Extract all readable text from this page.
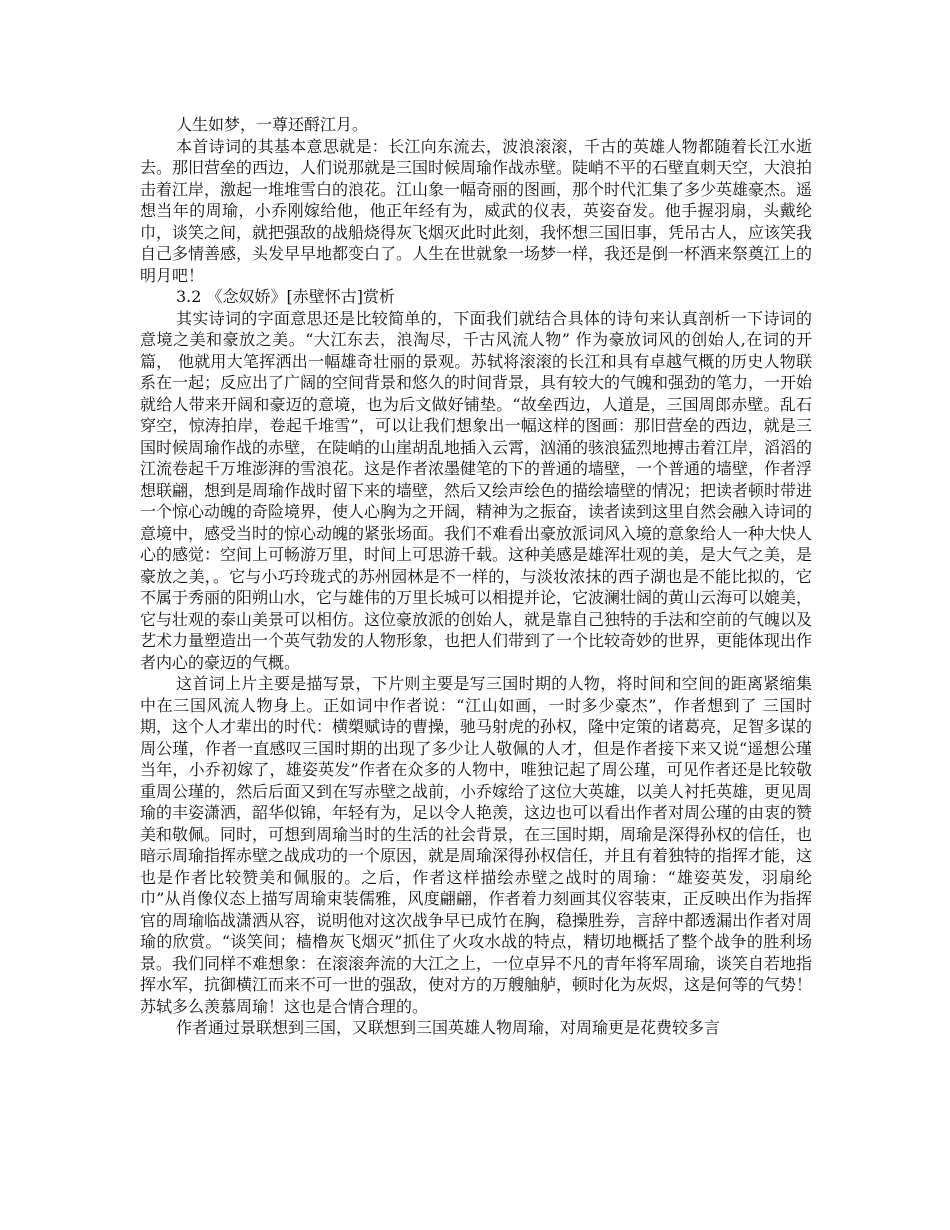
人生如梦，一尊还酹江月。

本首诗词的其基本意思就是：长江向东流去，波浪滚滚，千古的英雄人物都随着长江水逝去。那旧营垒的西边，人们说那就是三国时候周瑜作战赤壁。陡峭不平的石壁直刺天空，大浪拍击着江岸，激起一堆堆雪白的浪花。江山象一幅奇丽的图画，那个时代汇集了多少英雄豪杰。遥想当年的周瑜，小乔刚嫁给他，他正年经有为，威武的仪表，英姿奋发。他手握羽扇，头戴纶巾，谈笑之间，就把强敌的战船烧得灰飞烟灭此时此刻，我怀想三国旧事，凭吊古人，应该笑我自己多情善感，头发早早地都变白了。人生在世就象一场梦一样，我还是倒一杯酒来祭奠江上的明月吧！

3.2 《念奴娇》[赤壁怀古]赏析

其实诗词的字面意思还是比较简单的，下面我们就结合具体的诗句来认真剖析一下诗词的意境之美和豪放之美。“大江东去，浪淘尽，千古风流人物” 作为豪放词风的创始人,在词的开篇， 他就用大笔挥洒出一幅雄奇壮丽的景观。苏轼将滚滚的长江和具有卓越气概的历史人物联系在一起；反应出了广阔的空间背景和悠久的时间背景，具有较大的气魄和强劲的笔力，一开始就给人带来开阔和豪迈的意境，也为后文做好铺垫。“故垒西边，人道是，三国周郎赤壁。乱石穿空，惊涛拍岸，卷起千堆雪”，可以让我们想象出一幅这样的图画：那旧营垒的西边，就是三国时候周瑜作战的赤壁，在陡峭的山崖胡乱地插入云霄，汹涌的骇浪猛烈地搏击着江岸，滔滔的江流卷起千万堆澎湃的雪浪花。这是作者浓墨健笔的下的普通的墙壁，一个普通的墙壁，作者浮想联翩，想到是周瑜作战时留下来的墙壁，然后又绘声绘色的描绘墙壁的情况；把读者顿时带进一个惊心动魄的奇险境界，使人心胸为之开阔，精神为之振奋，读者读到这里自然会融入诗词的意境中，感受当时的惊心动魄的紧张场面。我们不难看出豪放派词风入境的意象给人一种大快人心的感觉：空间上可畅游万里，时间上可思游千载。这种美感是雄浑壮观的美，是大气之美，是豪放之美，。它与小巧玲珑式的苏州园林是不一样的，与淡妆浓抹的西子湖也是不能比拟的，它不属于秀丽的阳朔山水，它与雄伟的万里长城可以相提并论，它波澜壮阔的黄山云海可以媲美，它与壮观的泰山美景可以相仿。这位豪放派的创始人，就是靠自己独特的手法和空前的气魄以及艺术力量塑造出一个英气勃发的人物形象，也把人们带到了一个比较奇妙的世界，更能体现出作者内心的豪迈的气概。

这首词上片主要是描写景，下片则主要是写三国时期的人物，将时间和空间的距离紧缩集中在三国风流人物身上。正如词中作者说：“江山如画，一时多少豪杰”，作者想到了 三国时期，这个人才辈出的时代：横槊赋诗的曹操，驰马射虎的孙权，隆中定策的诸葛亮，足智多谋的周公瑾，作者一直感叹三国时期的出现了多少让人敬佩的人才，但是作者接下来又说“遥想公瑾当年，小乔初嫁了，雄姿英发”作者在众多的人物中，唯独记起了周公瑾，可见作者还是比较敬重周公瑾的，然后后面又到在写赤壁之战前，小乔嫁给了这位大英雄，以美人衬托英雄，更见周瑜的丰姿潇洒，韶华似锦，年轻有为，足以令人艳羡，这边也可以看出作者对周公瑾的由衷的赞美和敬佩。同时，可想到周瑜当时的生活的社会背景，在三国时期，周瑜是深得孙权的信任，也暗示周瑜指挥赤壁之战成功的一个原因，就是周瑜深得孙权信任，并且有着独特的指挥才能，这也是作者比较赞美和佩服的。之后，作者这样描绘赤壁之战时的周瑜：“雄姿英发，羽扇纶巾”从肖像仪态上描写周瑜束装儒雅，风度翩翩，作者着力刻画其仪容装束，正反映出作为指挥官的周瑜临战潇洒从容，说明他对这次战争早已成竹在胸，稳操胜券，言辞中都透漏出作者对周瑜的欣赏。“谈笑间；樯橹灰飞烟灭”抓住了火攻水战的特点，精切地概括了整个战争的胜利场景。我们同样不难想象：在滚滚奔流的大江之上，一位卓异不凡的青年将军周瑜，谈笑自若地指挥水军，抗御横江而来不可一世的强敌，使对方的万艘舳舻，顿时化为灰烬，这是何等的气势！苏轼多么羡慕周瑜！这也是合情合理的。

作者通过景联想到三国，又联想到三国英雄人物周瑜，对周瑜更是花费较多言
